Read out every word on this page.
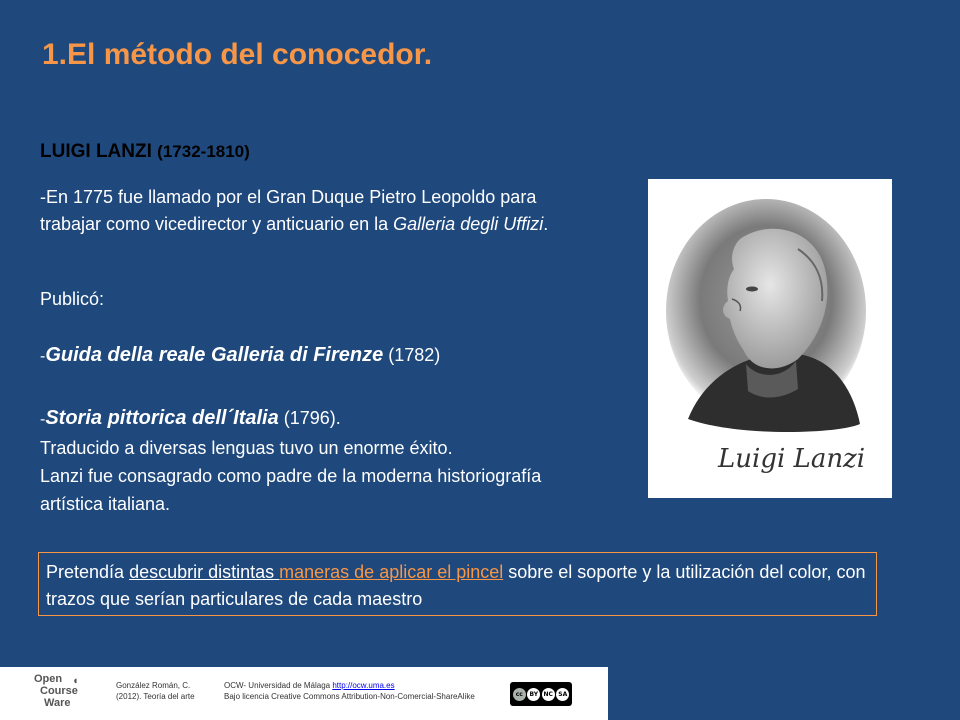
1.El método del conocedor.
LUIGI LANZI (1732-1810)
-En 1775 fue llamado por el Gran Duque Pietro Leopoldo para trabajar como vicedirector y anticuario en la Galleria degli Uffizi.
Publicó:
-Guida della reale Galleria di Firenze (1782)
-Storia pittorica dell´Italia (1796).
Traducido a diversas lenguas tuvo un enorme éxito.
Lanzi fue consagrado como padre de la moderna historiografía artística italiana.
Luigi Lanzi
Pretendía descubrir distintas maneras de aplicar el pincel sobre el soporte y la utilización del color, con trazos que serían particulares de cada maestro
◖
Open
Course
Ware
González Román, C.
(2012). Teoría del arte
OCW- Universidad de Málaga http://ocw.uma.es
Bajo licencia Creative Commons Attribution-Non-Comercial-ShareAlike	cc	BY NC SA
